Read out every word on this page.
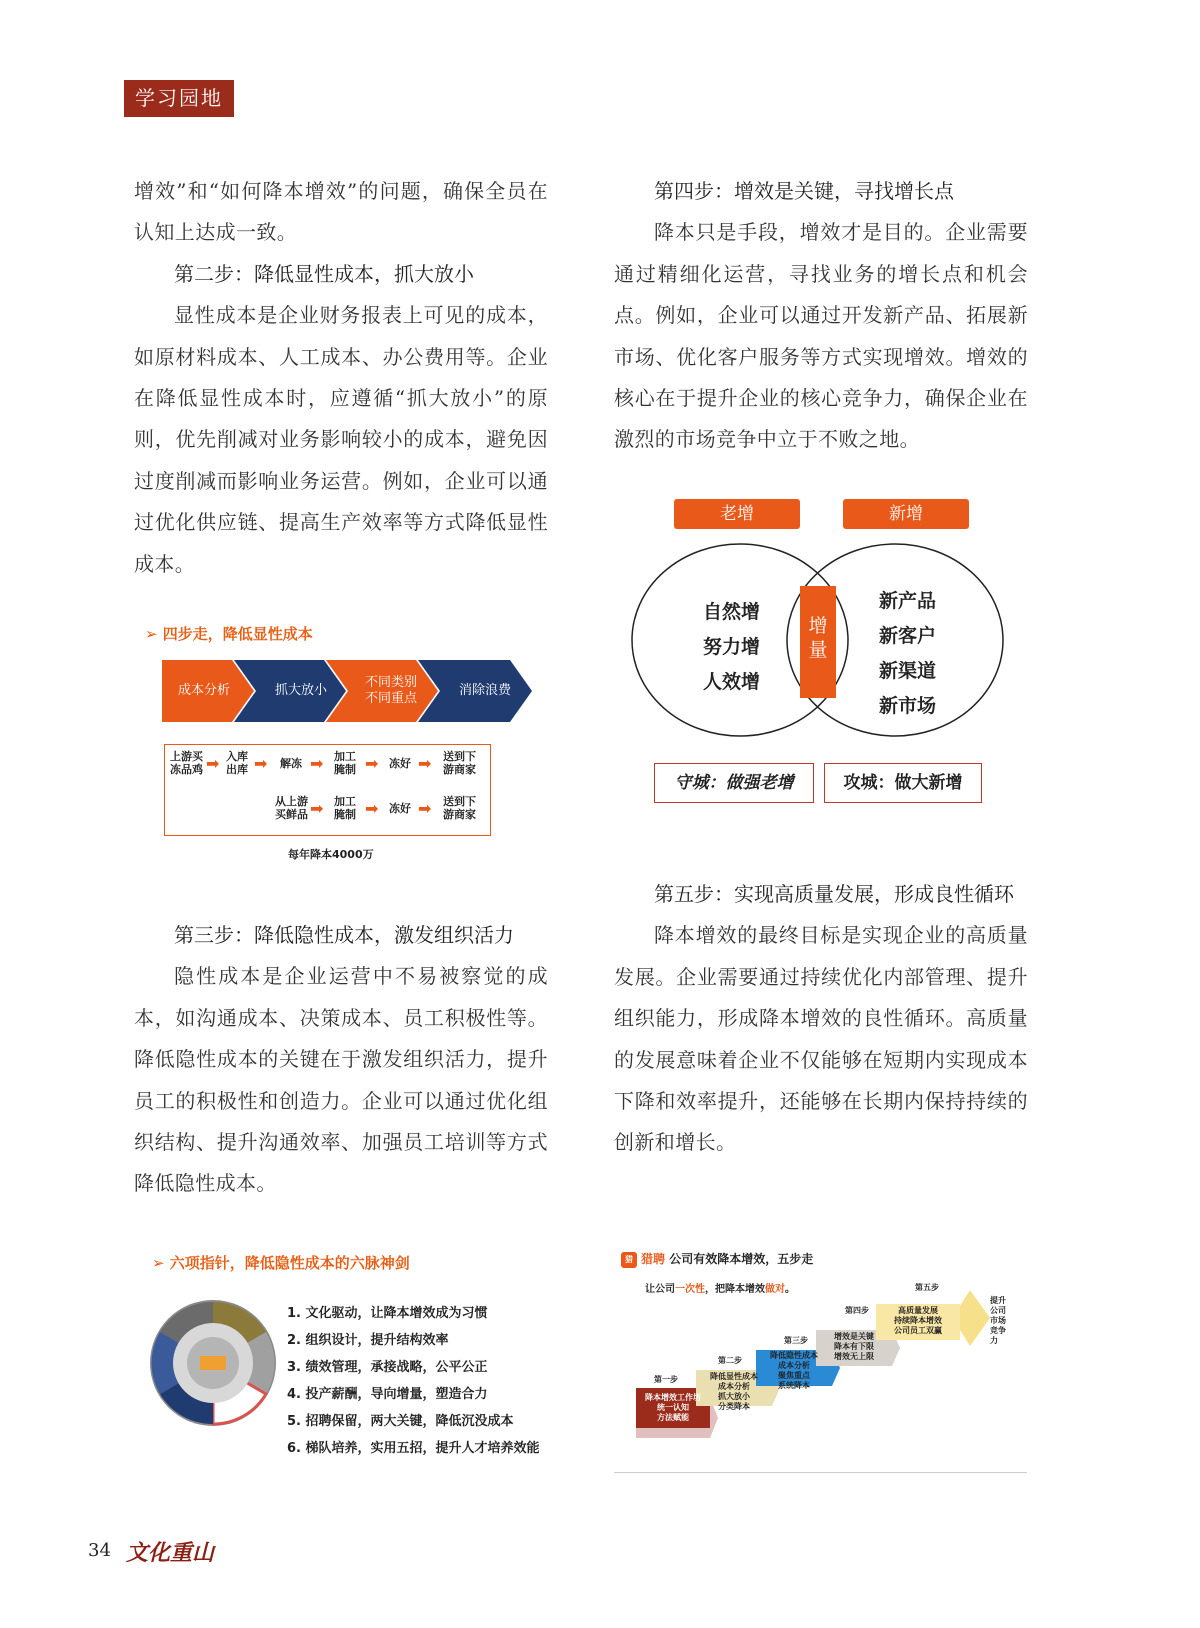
学习园地

增效”和“如何降本增效”的问题，确保全员在认知上达成一致。

第二步：降低显性成本，抓大放小

显性成本是企业财务报表上可见的成本，如原材料成本、人工成本、办公费用等。企业在降低显性成本时，应遵循“抓大放小”的原则，优先削减对业务影响较小的成本，避免因过度削减而影响业务运营。例如，企业可以通过优化供应链、提高生产效率等方式降低显性成本。

➢ 四步走，降低显性成本
成本分析	抓大放小
不同类别
不同重点
消除浪费
上游买
冻品鸡 ➡ 入库
出库 ➡ 解冻 ➡ 加工
腌制 ➡ 冻好 ➡ 送到下
游商家
从上游
买鲜品 ➡ 加工
腌制 ➡ 冻好 ➡ 送到下
游商家
每年降本4000万
第三步：降低隐性成本，激发组织活力

隐性成本是企业运营中不易被察觉的成本，如沟通成本、决策成本、员工积极性等。降低隐性成本的关键在于激发组织活力，提升员工的积极性和创造力。企业可以通过优化组织结构、提升沟通效率、加强员工培训等方式降低隐性成本。

➢ 六项指针，降低隐性成本的六脉神剑
1. 文化驱动，让降本增效成为习惯
2. 组织设计，提升结构效率
3. 绩效管理，承接战略，公平公正
4. 投产薪酬，导向增量，塑造合力
5. 招聘保留，两大关键，降低沉没成本
6. 梯队培养，实用五招，提升人才培养效能
第四步：增效是关键，寻找增长点

降本只是手段，增效才是目的。企业需要通过精细化运营，寻找业务的增长点和机会点。例如，企业可以通过开发新产品、拓展新市场、优化客户服务等方式实现增效。增效的核心在于提升企业的核心竞争力，确保企业在激烈的市场竞争中立于不败之地。

老增	新增
自然增
努力增
人效增
增量
新产品
新客户
新渠道
新市场
守城：做强老增	攻城：做大新增
第五步：实现高质量发展，形成良性循环

降本增效的最终目标是实现企业的高质量发展。企业需要通过持续优化内部管理、提升组织能力，形成降本增效的良性循环。高质量的发展意味着企业不仅能够在短期内实现成本下降和效率提升，还能够在长期内保持持续的创新和增长。

猎 猎聘 公司有效降本增效，五步走
让公司一次性，把降本增效做对。
第一步
降本增效工作坊
统一认知
方法赋能
第二步
降低显性成本
成本分析
抓大放小
分类降本
第三步
降低隐性成本
成本分析
聚焦重点
系统降本
第四步
增效是关键
降本有下限
增效无上限
第五步
高质量发展
持续降本增效
公司员工双赢
提升
公司
市场
竞争
力
34 文化重山
